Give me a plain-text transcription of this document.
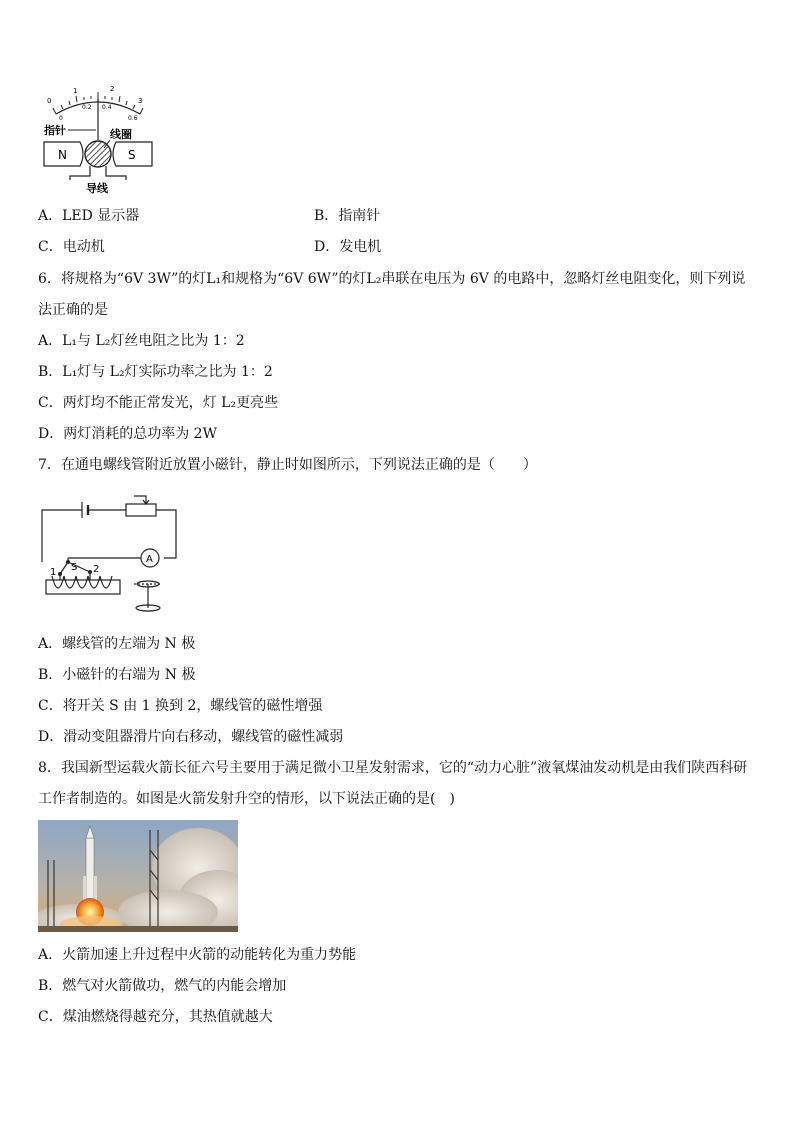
0
1	2
3
0
0.2 0.4
0.6
指针	线圈
N	S
导线
A．LED 显示器	B．指南针
C．电动机	D．发电机
6．将规格为“6V 3W”的灯L₁和规格为“6V 6W”的灯L₂串联在电压为 6V 的电路中，忽略灯丝电阻变化，则下列说
法正确的是
A．L₁与 L₂灯丝电阻之比为 1：2
B．L₁灯与 L₂灯实际功率之比为 1：2
C．两灯均不能正常发光，灯 L₂更亮些
D．两灯消耗的总功率为 2W
7．在通电螺线管附近放置小磁针，静止时如图所示，下列说法正确的是（　　）
A
1 S 2
A．螺线管的左端为 N 极
B．小磁针的右端为 N 极
C．将开关 S 由 1 换到 2，螺线管的磁性增强
D．滑动变阻器滑片向右移动，螺线管的磁性减弱
8．我国新型运载火箭长征六号主要用于满足微小卫星发射需求，它的“动力心脏”液氧煤油发动机是由我们陕西科研
工作者制造的。如图是火箭发射升空的情形，以下说法正确的是(　)
A．火箭加速上升过程中火箭的动能转化为重力势能
B．燃气对火箭做功，燃气的内能会增加
C．煤油燃烧得越充分，其热值就越大
